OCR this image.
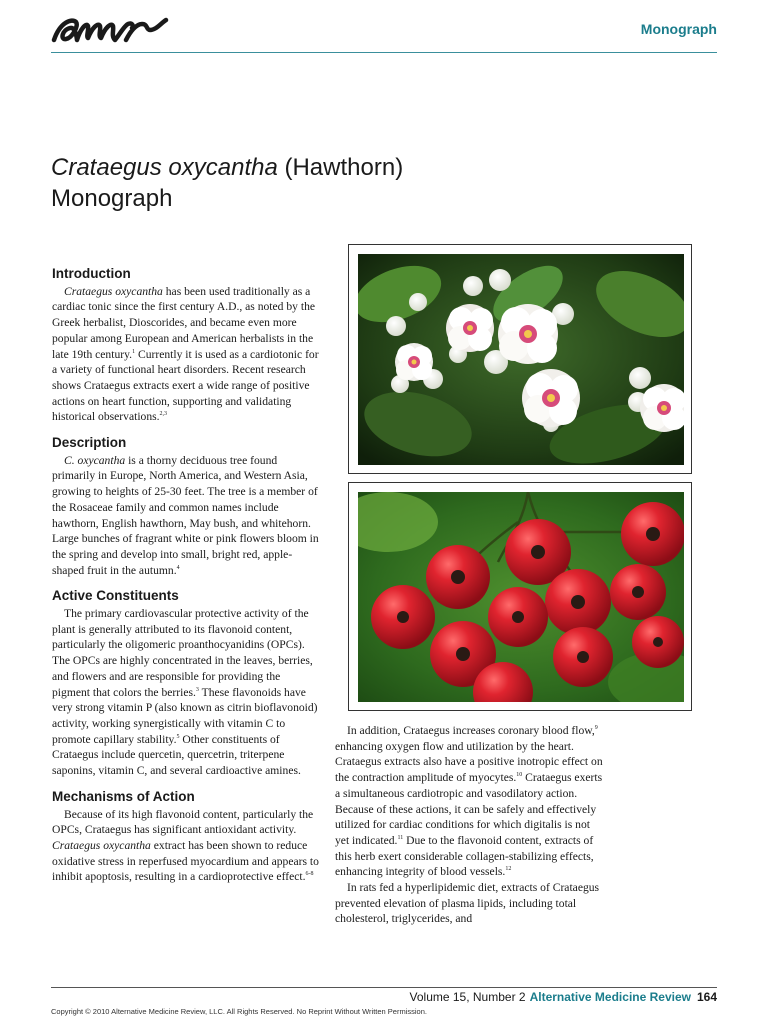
Monograph
Crataegus oxycantha (Hawthorn)
Monograph
Introduction

Crataegus oxycantha has been used traditionally as a cardiac tonic since the first century A.D., as noted by the Greek herbalist, Dioscorides, and became even more popular among European and American herbalists in the late 19th century.$^1$ Currently it is used as a cardiotonic for a variety of functional heart disorders. Recent research shows Crataegus extracts exert a wide range of positive actions on heart function, supporting and validating historical observations.$^{2,3}$

Description

C. oxycantha is a thorny deciduous tree found primarily in Europe, North America, and Western Asia, growing to heights of 25-30 feet. The tree is a member of the Rosaceae family and common names include hawthorn, English hawthorn, May bush, and whitehorn. Large bunches of fragrant white or pink flowers bloom in the spring and develop into small, bright red, apple-shaped fruit in the autumn.$^4$

Active Constituents

The primary cardiovascular protective activity of the plant is generally attributed to its flavonoid content, particularly the oligomeric proanthocyanidins (OPCs). The OPCs are highly concentrated in the leaves, berries, and flowers and are responsible for providing the pigment that colors the berries.$^3$ These flavonoids have very strong vitamin P (also known as citrin bioflavonoid) activity, working synergistically with vitamin C to promote capillary stability.$^5$ Other constituents of Crataegus include quercetin, quercetrin, triterpene saponins, vitamin C, and several cardioactive amines.

Mechanisms of Action

Because of its high flavonoid content, particularly the OPCs, Crataegus has significant antioxidant activity. Crataegus oxycantha extract has been shown to reduce oxidative stress in reperfused myocardium and appears to inhibit apoptosis, resulting in a cardioprotective effect.$^{6-8}$

In addition, Crataegus increases coronary blood flow,$^9$ enhancing oxygen flow and utilization by the heart. Crataegus extracts also have a positive inotropic effect on the contraction amplitude of myocytes.$^{10}$ Crataegus exerts a simultaneous cardiotropic and vasodilatory action. Because of these actions, it can be safely and effectively utilized for cardiac conditions for which digitalis is not yet indicated.$^{11}$ Due to the flavonoid content, extracts of this herb exert considerable collagen-stabilizing effects, enhancing integrity of blood vessels.$^{12}$

In rats fed a hyperlipidemic diet, extracts of Crataegus prevented elevation of plasma lipids, including total cholesterol, triglycerides, and

Volume 15, Number 2 Alternative Medicine Review 164
Copyright © 2010 Alternative Medicine Review, LLC. All Rights Reserved. No Reprint Without Written Permission.
